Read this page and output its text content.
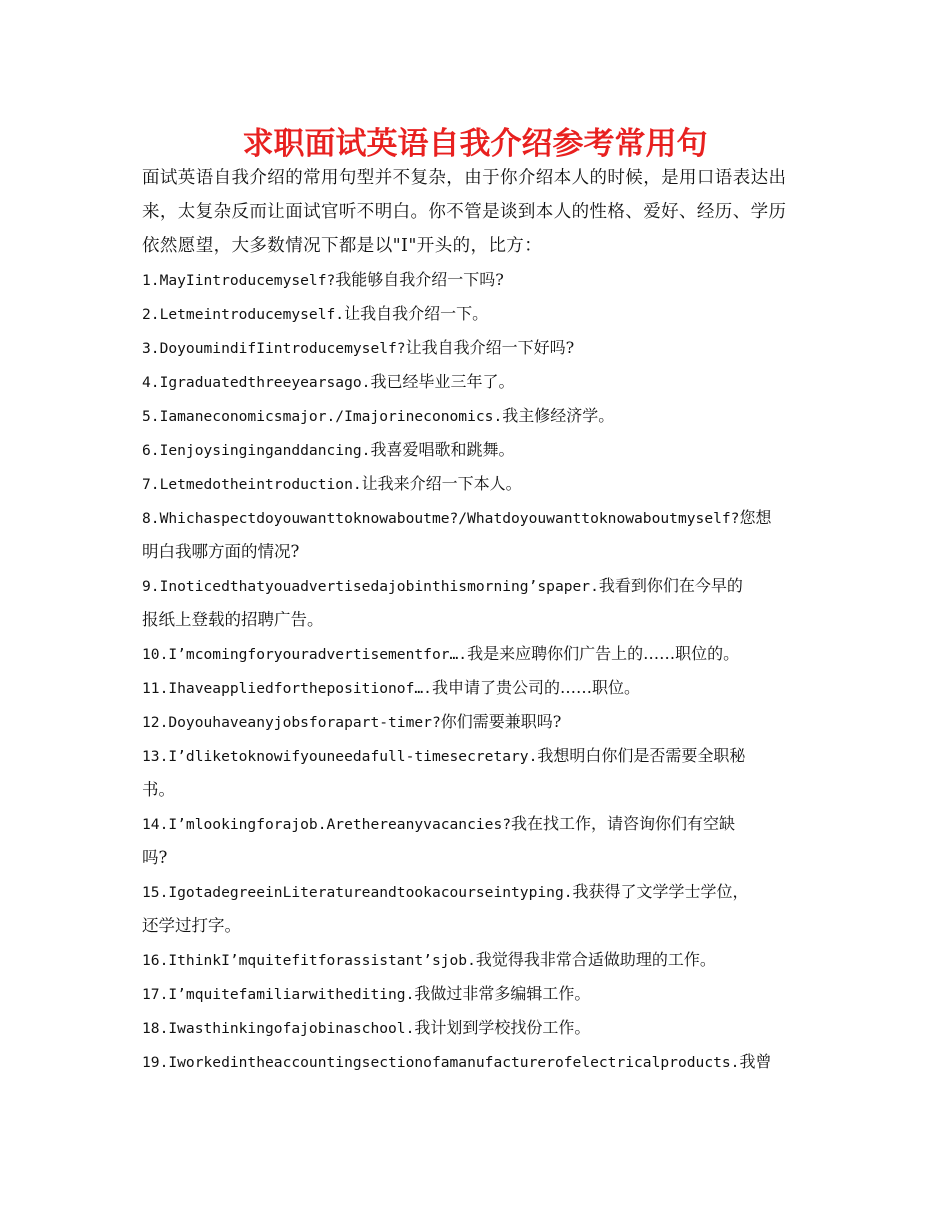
求职面试英语自我介绍参考常用句
面试英语自我介绍的常用句型并不复杂，由于你介绍本人的时候，是用口语表达出
来，太复杂反而让面试官听不明白。你不管是谈到本人的性格、爱好、经历、学历
依然愿望，大多数情况下都是以"I"开头的，比方：
1.MayIintroducemyself?我能够自我介绍一下吗?
2.Letmeintroducemyself.让我自我介绍一下。
3.DoyoumindifIintroducemyself?让我自我介绍一下好吗?
4.Igraduatedthreeyearsago.我已经毕业三年了。
5.Iamaneconomicsmajor./Imajorineconomics.我主修经济学。
6.Ienjoysinginganddancing.我喜爱唱歌和跳舞。
7.Letmedotheintroduction.让我来介绍一下本人。
8.Whichaspectdoyouwanttoknowaboutme?/Whatdoyouwanttoknowaboutmyself?您想
明白我哪方面的情况?
9.Inoticedthatyouadvertisedajobinthismorning’spaper.我看到你们在今早的
报纸上登载的招聘广告。
10.I’mcomingforyouradvertisementfor….我是来应聘你们广告上的……职位的。
11.Ihaveappliedforthepositionof….我申请了贵公司的……职位。
12.Doyouhaveanyjobsforapart-timer?你们需要兼职吗?
13.I’dliketoknowifyouneedafull-timesecretary.我想明白你们是否需要全职秘
书。
14.I’mlookingforajob.Arethereanyvacancies?我在找工作，请咨询你们有空缺
吗?
15.IgotadegreeinLiteratureandtookacourseintyping.我获得了文学学士学位，
还学过打字。
16.IthinkI’mquitefitforassistant’sjob.我觉得我非常合适做助理的工作。
17.I’mquitefamiliarwithediting.我做过非常多编辑工作。
18.Iwasthinkingofajobinaschool.我计划到学校找份工作。
19.Iworkedintheaccountingsectionofamanufacturerofelectricalproducts.我曾
